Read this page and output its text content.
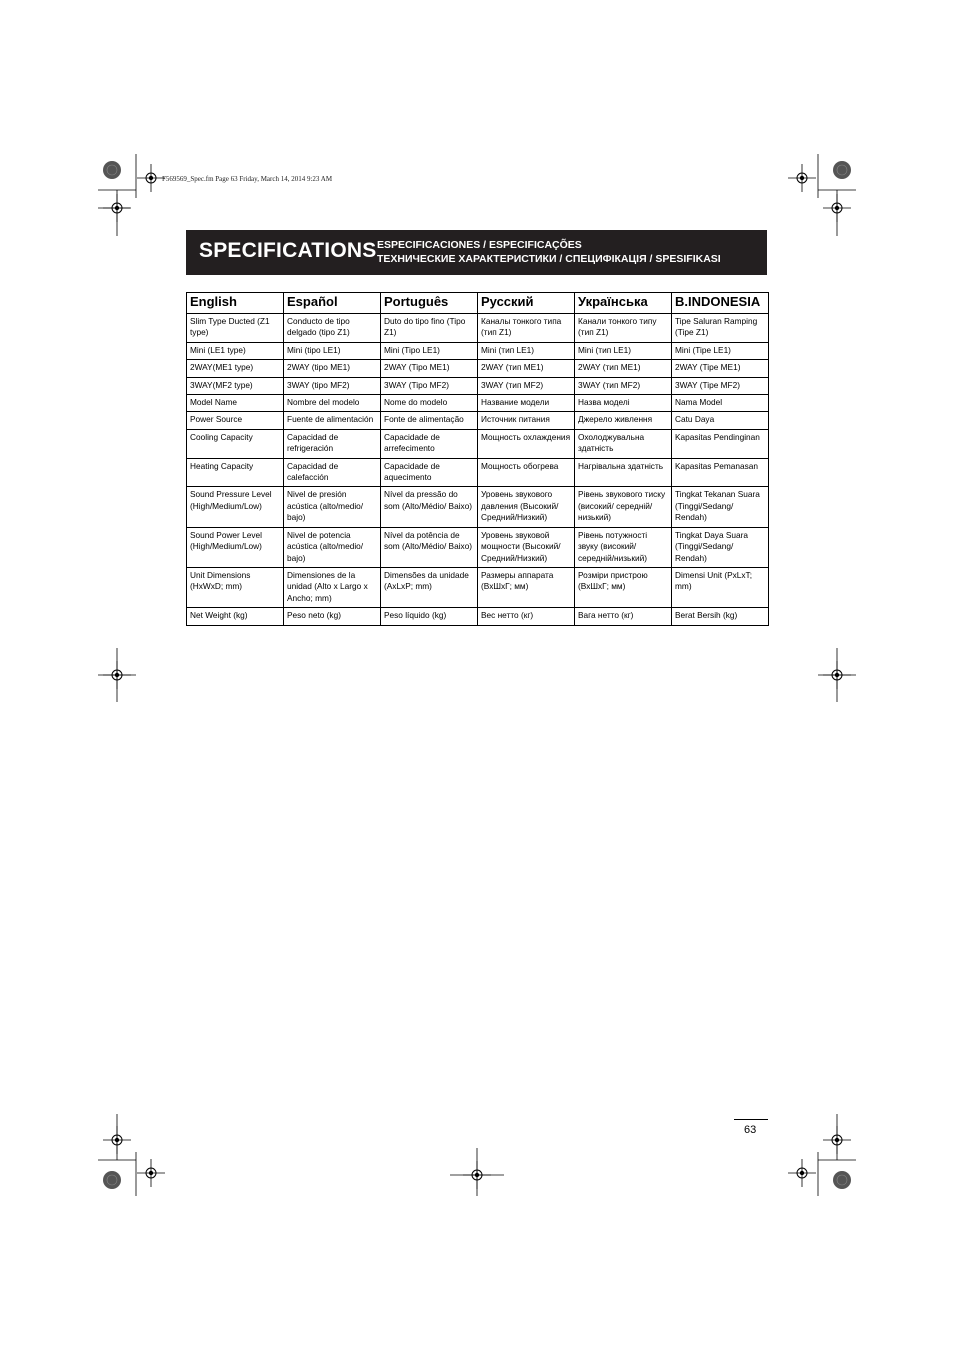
F569569_Spec.fm Page 63 Friday, March 14, 2014 9:23 AM
SPECIFICATIONS ESPECIFICACIONES / ESPECIFICAÇÕES
ТЕХНИЧЕСКИЕ ХАРАКТЕРИСТИКИ / СПЕЦИФІКАЦІЯ / SPESIFIKASI
English	Español	Português	Русский	Українська	B.INDONESIA
Slim Type Ducted (Z1 type)	Conducto de tipo delgado (tipo Z1)	Duto do tipo fino (Tipo Z1)	Каналы тонкого типа (тип Z1)	Канали тонкого типу (тип Z1)	Tipe Saluran Ramping (Tipe Z1)
Mini (LE1 type)	Mini (tipo LE1)	Mini (Tipo LE1)	Mini (тип LE1)	Mini (тип LE1)	Mini (Tipe LE1)
2WAY(ME1 type)	2WAY (tipo ME1)	2WAY (Tipo ME1)	2WAY (тип ME1)	2WAY (тип ME1)	2WAY (Tipe ME1)
3WAY(MF2 type)	3WAY (tipo MF2)	3WAY (Tipo MF2)	3WAY (тип MF2)	3WAY (тип MF2)	3WAY (Tipe MF2)
Model Name	Nombre del modelo	Nome do modelo	Название модели	Назва моделі	Nama Model
Power Source	Fuente de alimentación	Fonte de alimentação	Источник питания	Джерело живлення	Catu Daya
Cooling Capacity	Capacidad de refrigeración	Capacidade de arrefecimento	Мощность охлаждения	Охолоджувальна здатність	Kapasitas Pendinginan
Heating Capacity	Capacidad de calefacción	Capacidade de aquecimento	Мощность обогрева	Нагрівальна здатність	Kapasitas Pemanasan
Sound Pressure Level (High/Medium/Low)	Nivel de presión acústica (alto/medio/ bajo)	Nível da pressão do som (Alto/Médio/ Baixo)	Уровень звукового давления (Высокий/ Средний/Низкий)	Рівень звукового тиску (високий/ середній/низький)	Tingkat Tekanan Suara (Tinggi/Sedang/ Rendah)
Sound Power Level (High/Medium/Low)	Nivel de potencia acústica (alto/medio/ bajo)	Nível da potência de som (Alto/Médio/ Baixo)	Уровень звуковой мощности (Высокий/ Средний/Низкий)	Рівень потужності звуку (високий/ середній/низький)	Tingkat Daya Suara (Tinggi/Sedang/ Rendah)
Unit Dimensions (HxWxD; mm)	Dimensiones de la unidad (Alto x Largo x Ancho; mm)	Dimensões da unidade (AxLxP; mm)	Размеры аппарата (ВхШхГ; мм)	Розміри пристрою (ВхШхГ; мм)	Dimensi Unit (PxLxT; mm)
Net Weight (kg)	Peso neto (kg)	Peso líquido (kg)	Вес нетто (кг)	Вага нетто (кг)	Berat Bersih (kg)
63
